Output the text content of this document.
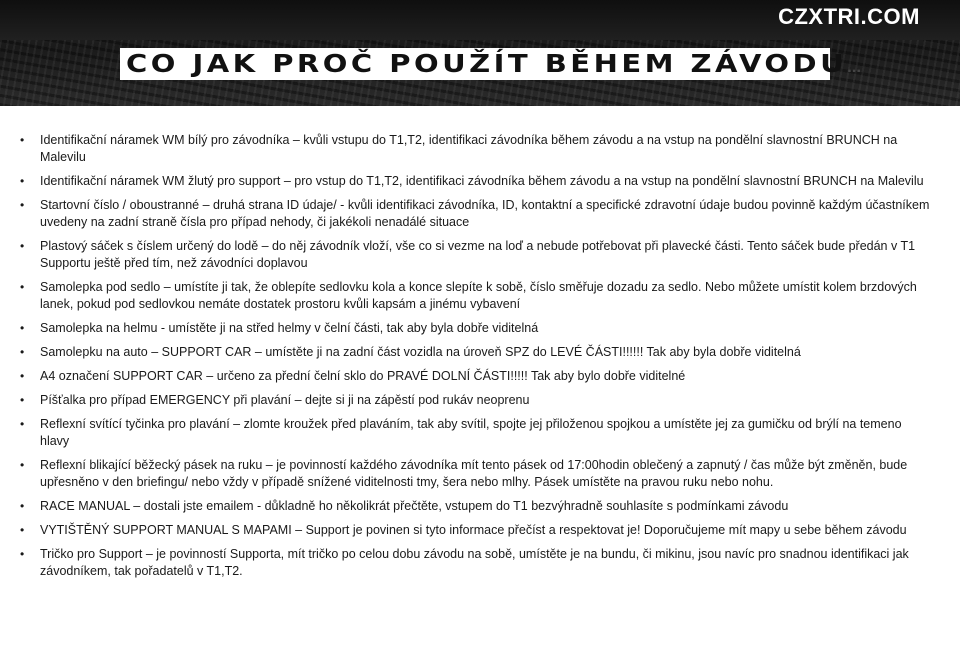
CZXTRI.COM
CO JAK PROČ POUŽÍT BĚHEM ZÁVODU…
• Identifikační náramek WM bílý pro závodníka – kvůli vstupu do T1,T2, identifikaci závodníka během závodu a na vstup na pondělní slavnostní BRUNCH na Malevilu
• Identifikační náramek WM žlutý pro support – pro vstup do T1,T2, identifikaci závodníka během závodu a na vstup na pondělní slavnostní BRUNCH na Malevilu
• Startovní číslo / oboustranné – druhá strana ID údaje/ - kvůli identifikaci závodníka, ID, kontaktní a specifické zdravotní údaje budou povinně každým účastníkem uvedeny na zadní straně čísla pro případ nehody, či jakékoli nenadálé situace
• Plastový sáček s číslem určený do lodě – do něj závodník vloží, vše co si vezme na loď a nebude potřebovat při plavecké části. Tento sáček bude předán v T1 Supportu ještě před tím, než závodníci doplavou
• Samolepka pod sedlo – umístíte ji tak, že oblepíte sedlovku kola a konce slepíte k sobě, číslo směřuje dozadu za sedlo. Nebo můžete umístit kolem brzdových lanek, pokud pod sedlovkou nemáte dostatek prostoru kvůli kapsám a jinému vybavení
• Samolepka na helmu - umístěte ji na střed helmy v čelní části, tak aby byla dobře viditelná
• Samolepku na auto – SUPPORT CAR – umístěte ji na zadní část vozidla na úroveň SPZ do LEVÉ ČÁSTI!!!!!! Tak aby byla dobře viditelná
• A4 označení SUPPORT CAR – určeno za přední čelní sklo do PRAVÉ DOLNÍ ČÁSTI!!!!! Tak aby bylo dobře viditelné
• Píšťalka pro případ EMERGENCY při plavání – dejte si ji na zápěstí pod rukáv neoprenu
• Reflexní svítící tyčinka pro plavání – zlomte kroužek před plaváním, tak aby svítil, spojte jej přiloženou spojkou a umístěte jej za gumičku od brýlí na temeno hlavy
• Reflexní blikající běžecký pásek na ruku – je povinností každého závodníka mít tento pásek od 17:00hodin oblečený a zapnutý / čas může být změněn, bude upřesněno v den briefingu/ nebo vždy v případě snížené viditelnosti tmy, šera nebo mlhy. Pásek umístěte na pravou ruku nebo nohu.
• RACE MANUAL – dostali jste emailem - důkladně ho několikrát přečtěte, vstupem do T1 bezvýhradně souhlasíte s podmínkami závodu
• VYTIŠTĚNÝ SUPPORT MANUAL S MAPAMI – Support je povinen si tyto informace přečíst a respektovat je! Doporučujeme mít mapy u sebe během závodu
• Tričko pro Support – je povinností Supporta, mít tričko po celou dobu závodu na sobě, umístěte je na bundu, či mikinu, jsou navíc pro snadnou identifikaci jak závodníkem, tak pořadatelů v T1,T2.
